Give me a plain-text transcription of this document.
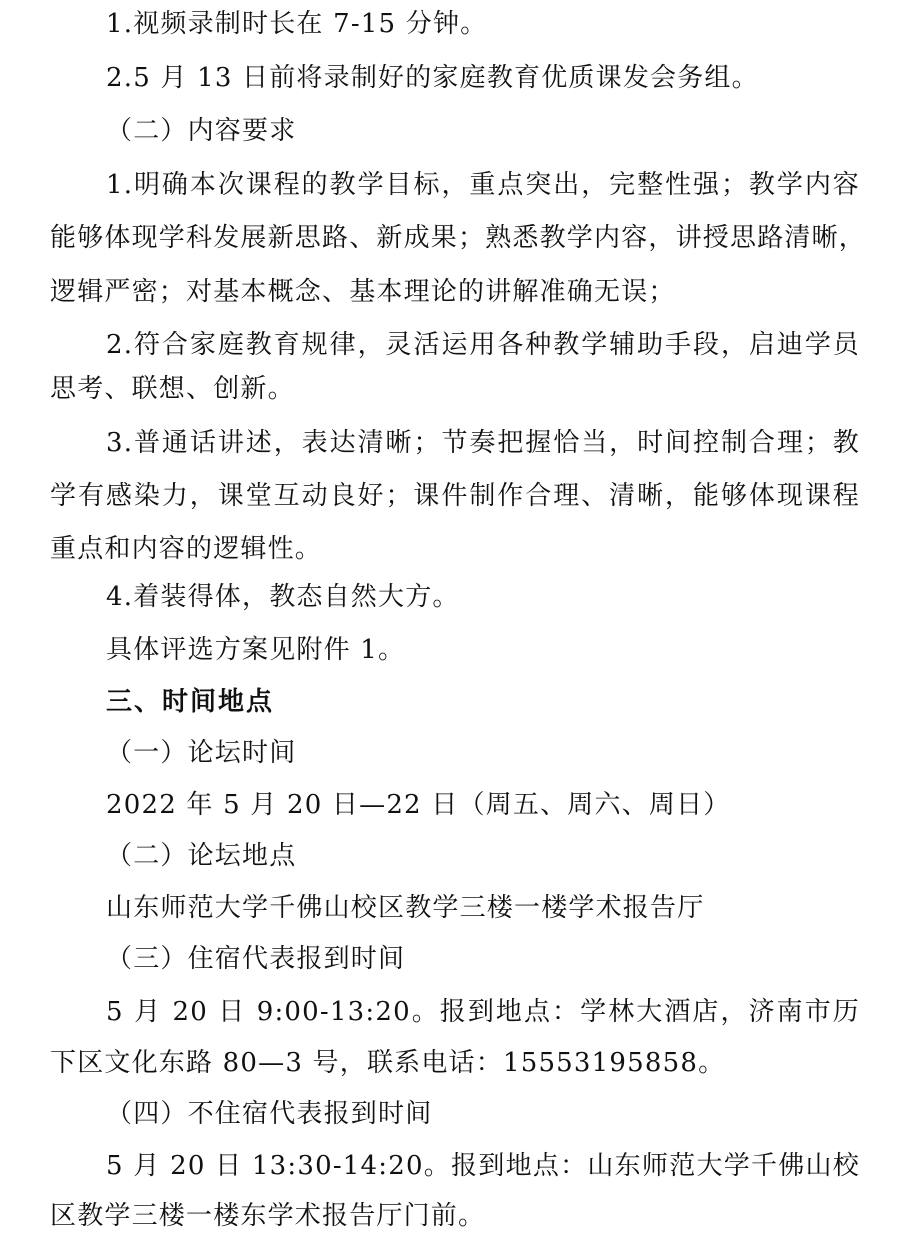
1.视频录制时长在 7-15 分钟。
2.5 月 13 日前将录制好的家庭教育优质课发会务组。
（二）内容要求
1.明确本次课程的教学目标，重点突出，完整性强；教学内容
能够体现学科发展新思路、新成果；熟悉教学内容，讲授思路清晰，
逻辑严密；对基本概念、基本理论的讲解准确无误；
2.符合家庭教育规律，灵活运用各种教学辅助手段，启迪学员
思考、联想、创新。
3.普通话讲述，表达清晰；节奏把握恰当，时间控制合理；教
学有感染力，课堂互动良好；课件制作合理、清晰，能够体现课程
重点和内容的逻辑性。
4.着装得体，教态自然大方。
具体评选方案见附件 1。
三、时间地点
（一）论坛时间
2022 年 5 月 20 日—22 日（周五、周六、周日）
（二）论坛地点
山东师范大学千佛山校区教学三楼一楼学术报告厅
（三）住宿代表报到时间
5 月 20 日 9:00-13:20。报到地点：学林大酒店，济南市历
下区文化东路 80—3 号，联系电话：15553195858。
（四）不住宿代表报到时间
5 月 20 日 13:30-14:20。报到地点：山东师范大学千佛山校
区教学三楼一楼东学术报告厅门前。
